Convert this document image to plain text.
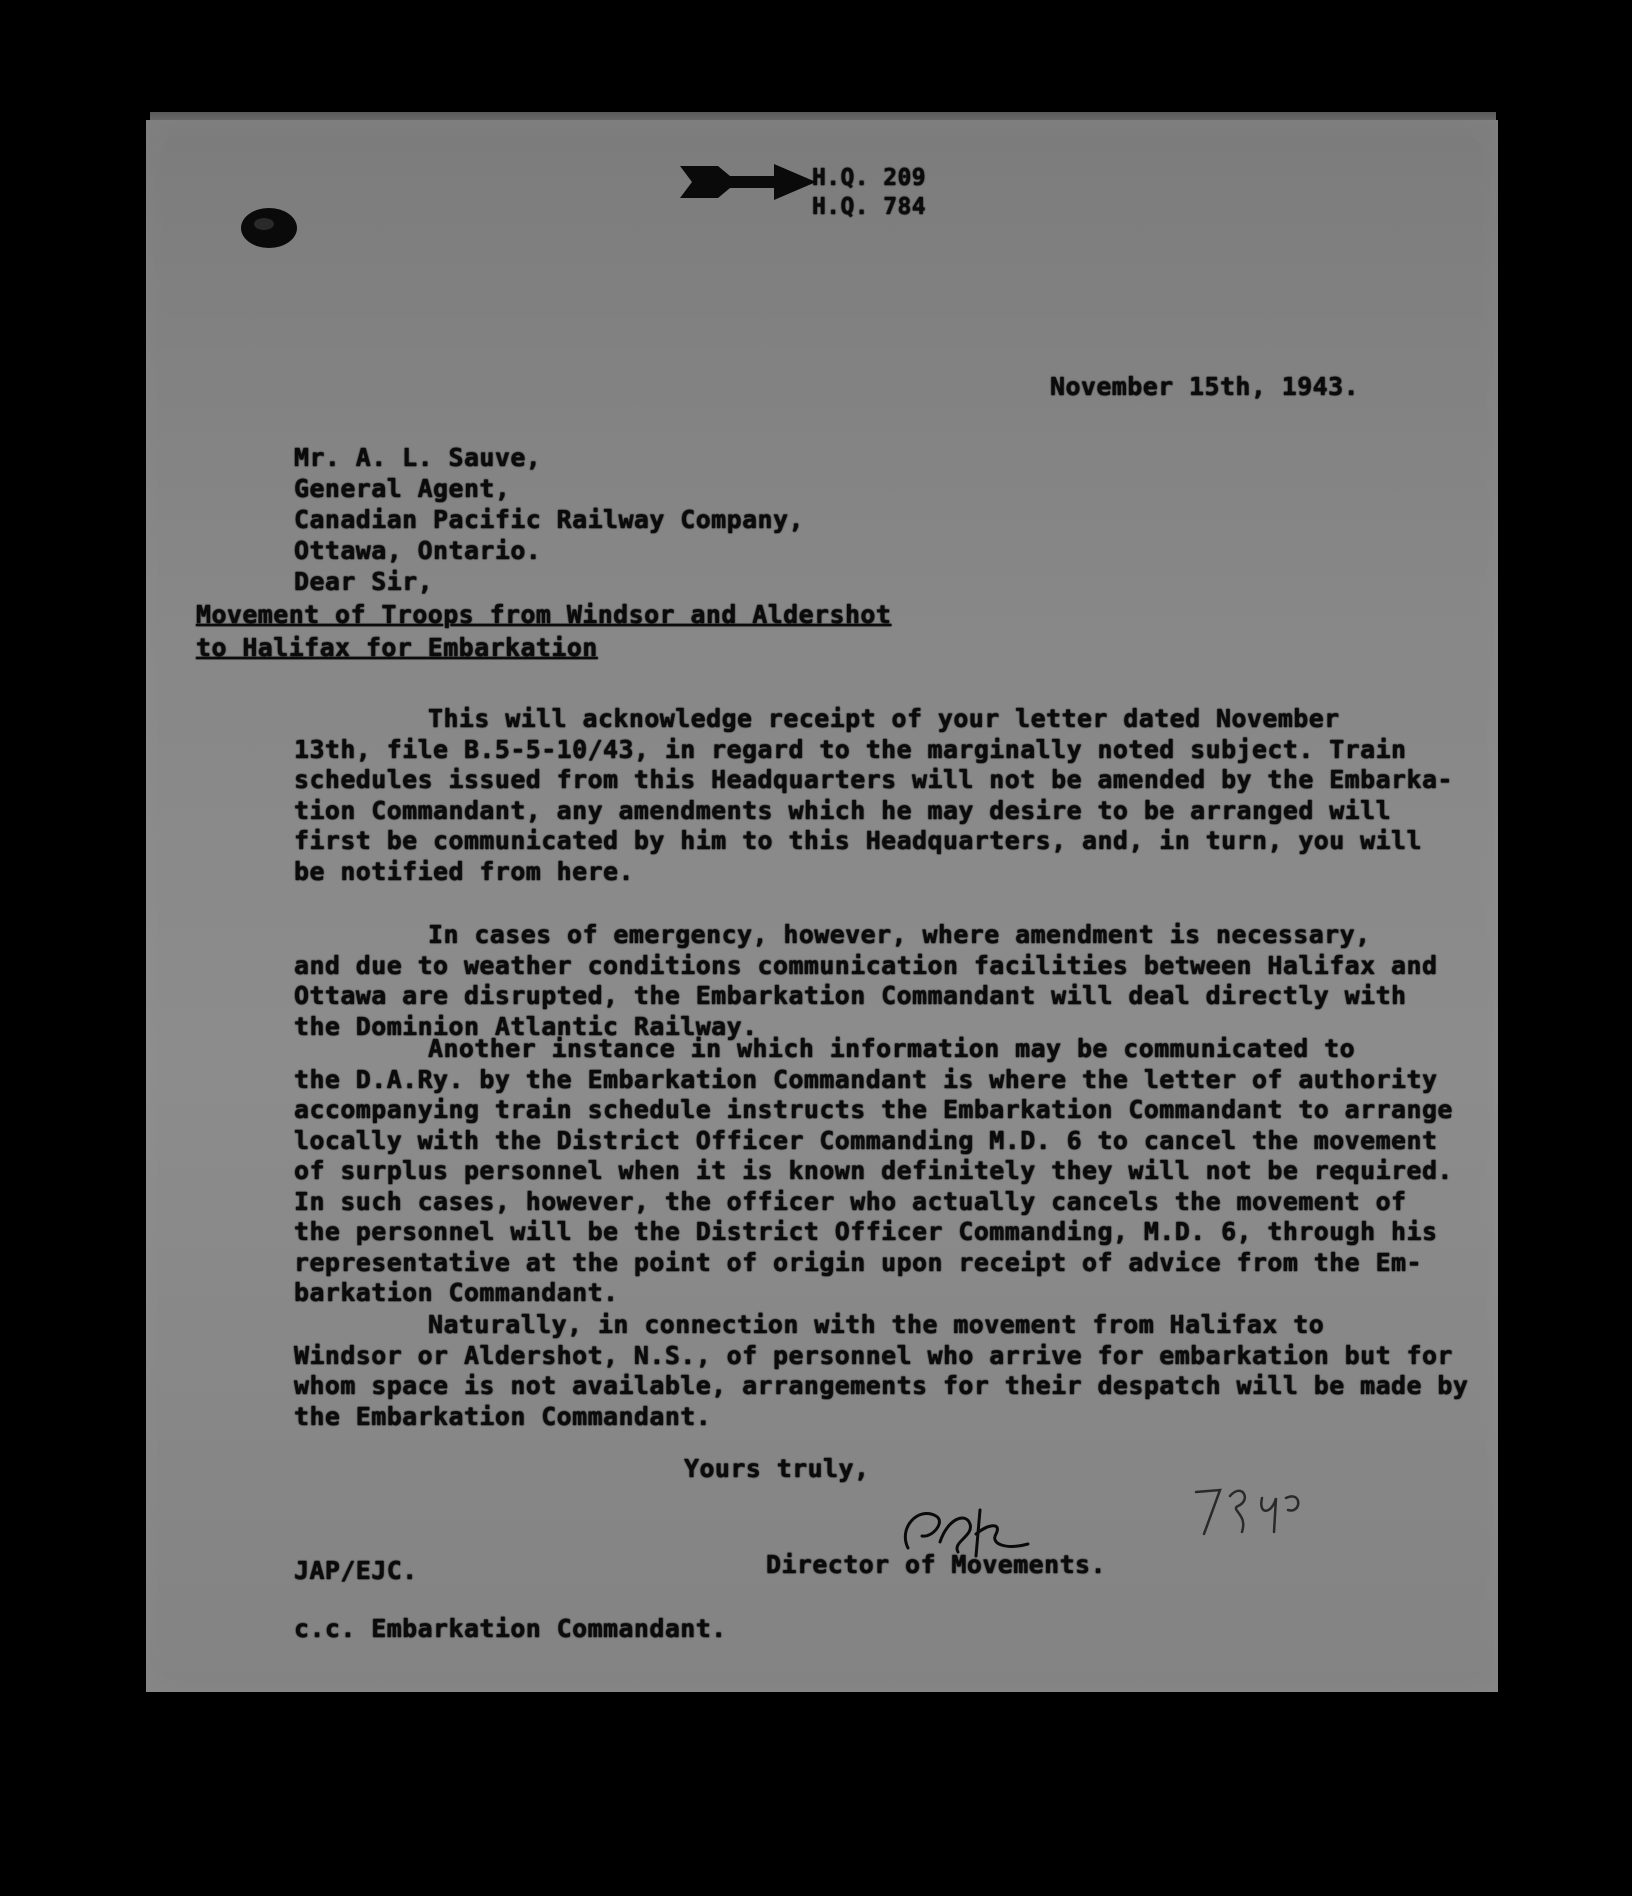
H.Q. 209
H.Q. 784
November 15th, 1943.
Mr. A. L. Sauve,
General Agent,
Canadian Pacific Railway Company,
Ottawa, Ontario.
Dear Sir,
Movement of Troops from Windsor and Aldershot
to Halifax for Embarkation
This will acknowledge receipt of your letter dated November
13th, file B.5-5-10/43, in regard to the marginally noted subject. Train
schedules issued from this Headquarters will not be amended by the Embarka-
tion Commandant, any amendments which he may desire to be arranged will
first be communicated by him to this Headquarters, and, in turn, you will
be notified from here.
In cases of emergency, however, where amendment is necessary,
and due to weather conditions communication facilities between Halifax and
Ottawa are disrupted, the Embarkation Commandant will deal directly with
the Dominion Atlantic Railway.
Another instance in which information may be communicated to
the D.A.Ry. by the Embarkation Commandant is where the letter of authority
accompanying train schedule instructs the Embarkation Commandant to arrange
locally with the District Officer Commanding M.D. 6 to cancel the movement
of surplus personnel when it is known definitely they will not be required.
In such cases, however, the officer who actually cancels the movement of
the personnel will be the District Officer Commanding, M.D. 6, through his
representative at the point of origin upon receipt of advice from the Em-
barkation Commandant.
Naturally, in connection with the movement from Halifax to
Windsor or Aldershot, N.S., of personnel who arrive for embarkation but for
whom space is not available, arrangements for their despatch will be made by
the Embarkation Commandant.
Yours truly,
Director of Movements.
JAP/EJC.
c.c. Embarkation Commandant.
